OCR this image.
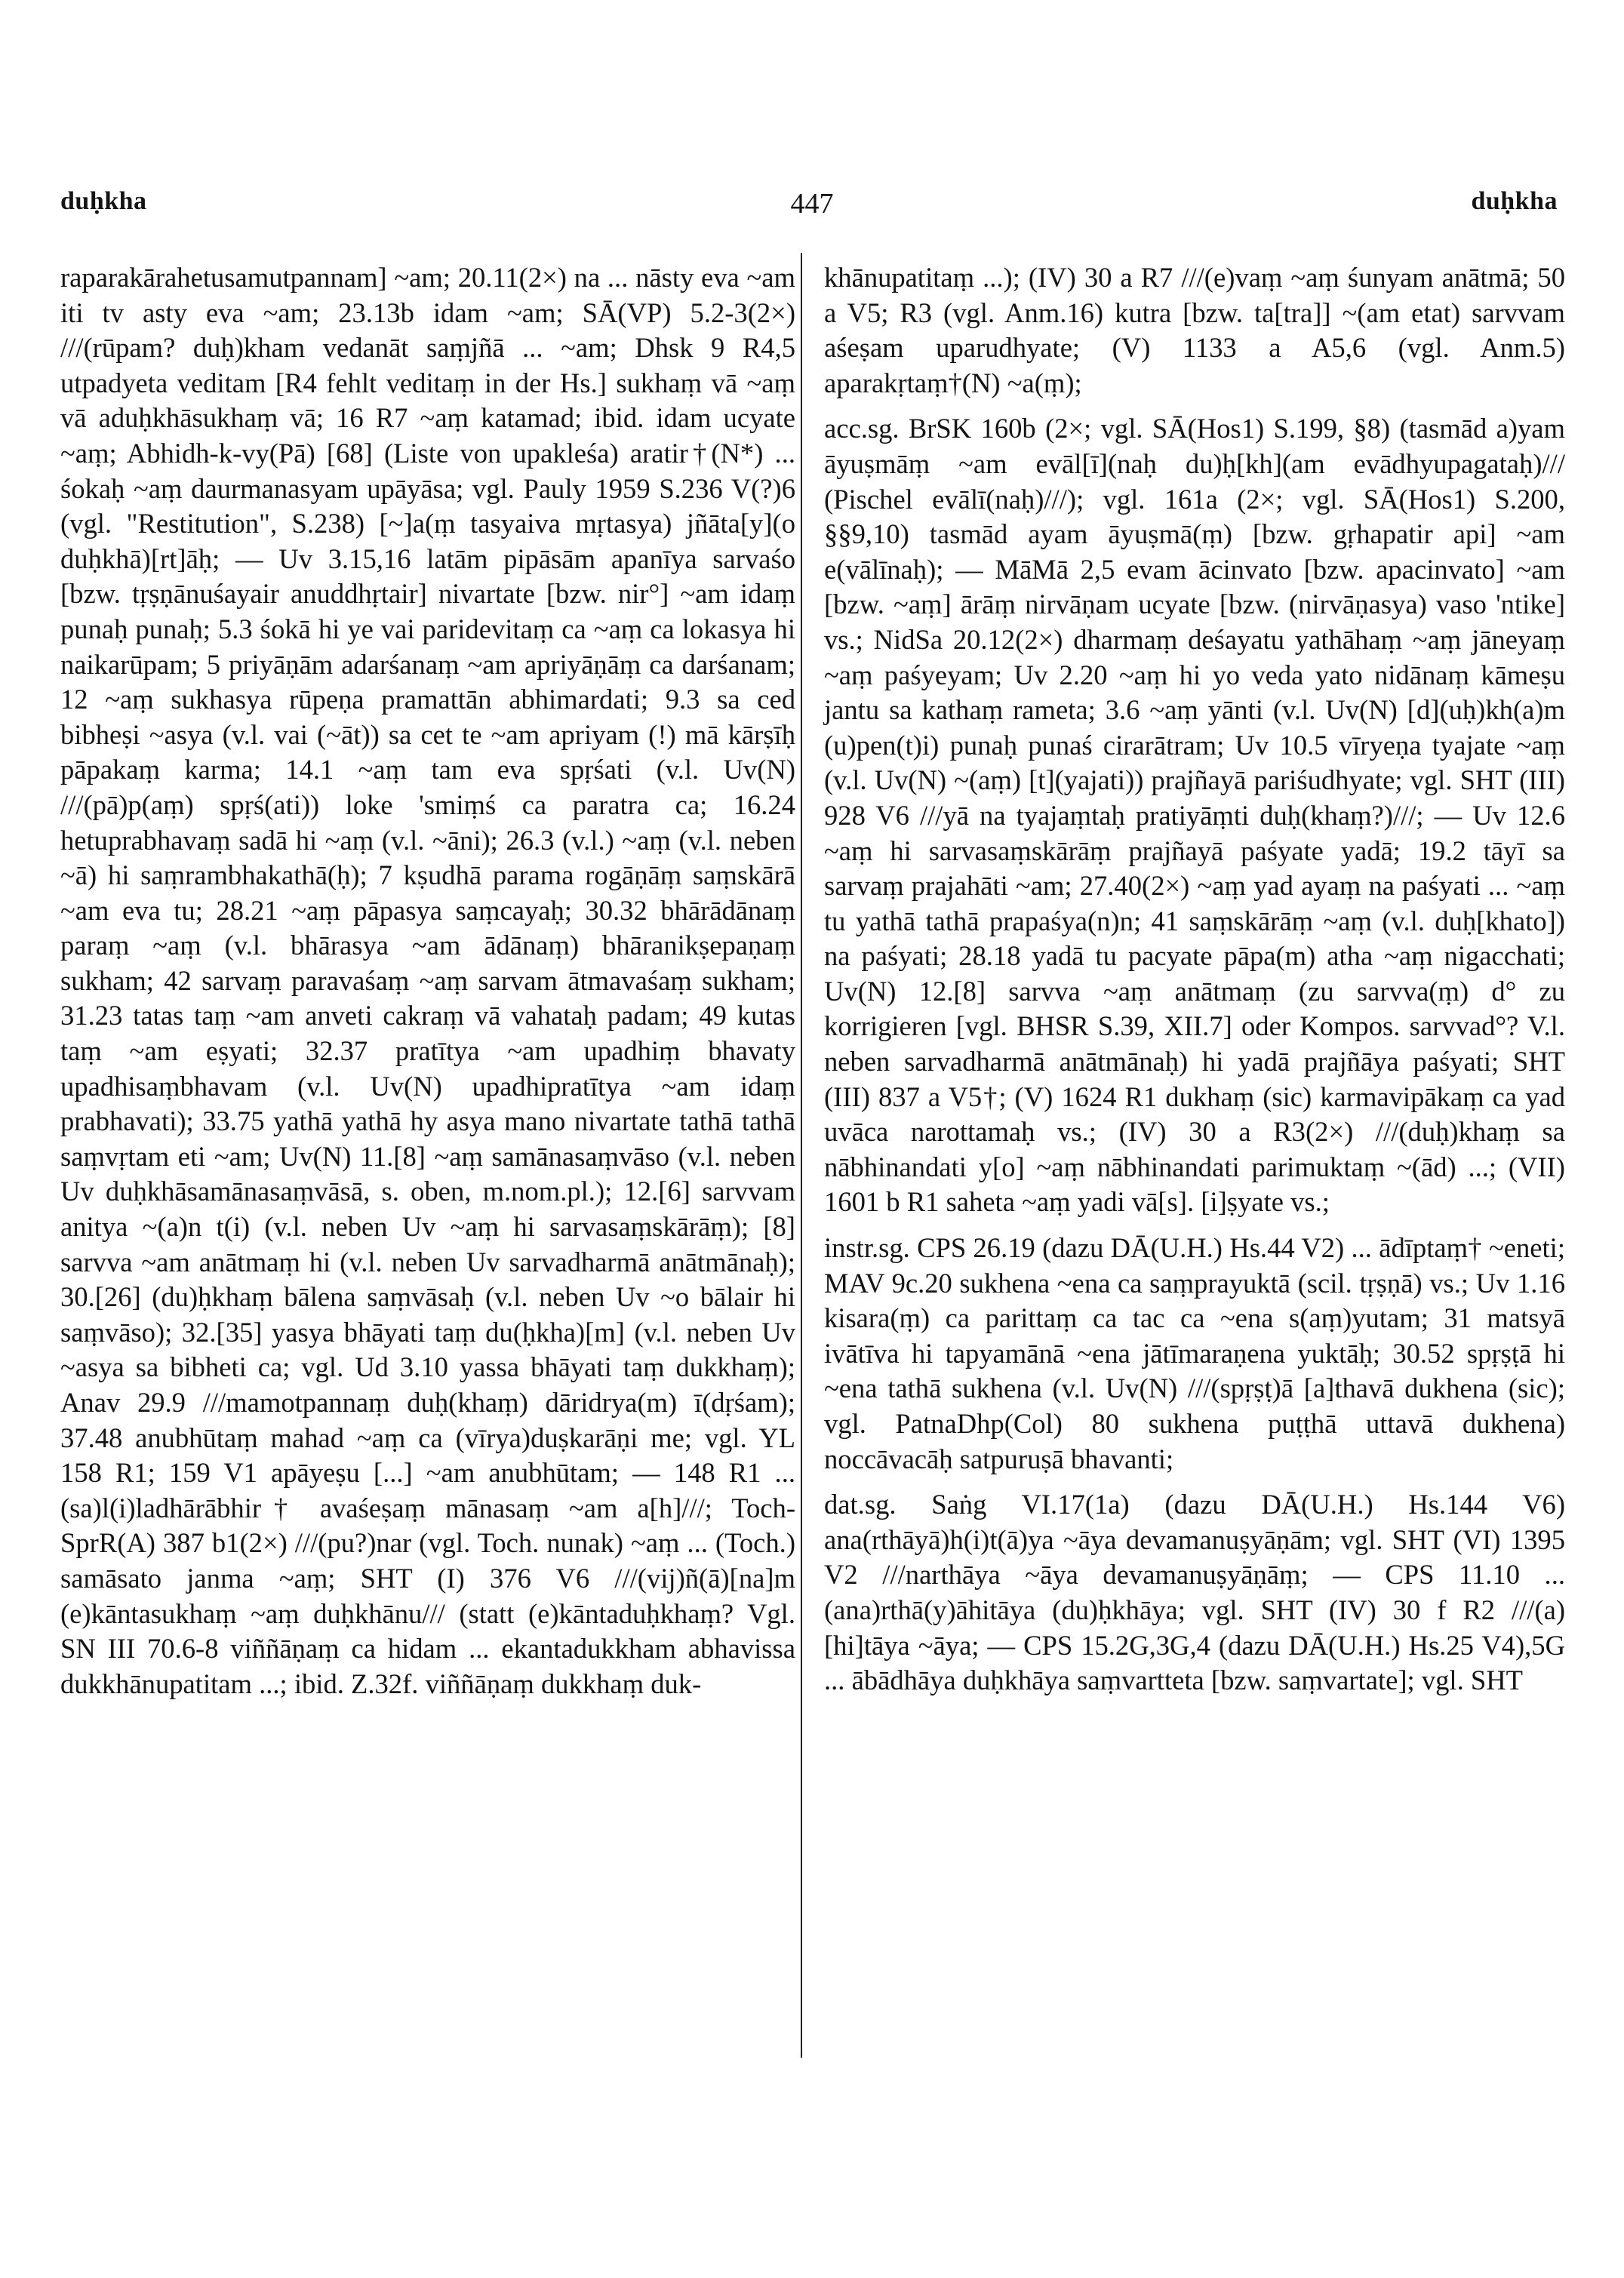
duḥkha	447	duḥkha

raparakārahetusamutpannam] ~am; 20.11(2×) na ... nāsty eva ~am iti tv asty eva ~am; 23.13b idam ~am; SĀ(VP) 5.2-3(2×) ///(rūpam? duḥ)kham vedanāt saṃjñā ... ~am; Dhsk 9 R4,5 utpadyeta veditam [R4 fehlt veditaṃ in der Hs.] sukhaṃ vā ~aṃ vā aduḥkhāsukhaṃ vā; 16 R7 ~aṃ katamad; ibid. idam ucyate ~aṃ; Abhidh-k-vy(Pā) [68] (Liste von upakleśa) aratir†(N*) ... śokaḥ ~aṃ daurmanasyam upāyāsa; vgl. Pauly 1959 S.236 V(?)6 (vgl. "Restitution", S.238) [~]a(ṃ tasyaiva mṛtasya) jñāta[y](o duḥkhā)[rt]āḥ; — Uv 3.15,16 latām pipāsām apanīya sarvaśo [bzw. tṛṣṇānuśayair anuddhṛtair] nivartate [bzw. nir°] ~am idaṃ punaḥ punaḥ; 5.3 śokā hi ye vai paridevitaṃ ca ~aṃ ca lokasya hi naikarūpam; 5 priyāṇām adarśanaṃ ~am apriyāṇāṃ ca darśanam; 12 ~aṃ sukhasya rūpeṇa pramattān abhimardati; 9.3 sa ced bibheṣi ~asya (v.l. vai (~āt)) sa cet te ~am apriyam (!) mā kārṣīḥ pāpakaṃ karma; 14.1 ~aṃ tam eva spṛśati (v.l. Uv(N) ///(pā)p(aṃ) spṛś(ati)) loke 'smiṃś ca paratra ca; 16.24 hetuprabhavaṃ sadā hi ~aṃ (v.l. ~āni); 26.3 (v.l.) ~aṃ (v.l. neben ~ā) hi saṃrambhakathā(ḥ); 7 kṣudhā parama rogāṇāṃ saṃskārā ~am eva tu; 28.21 ~aṃ pāpasya saṃcayaḥ; 30.32 bhārādānaṃ paraṃ ~aṃ (v.l. bhārasya ~am ādānaṃ) bhāranikṣepaṇaṃ sukham; 42 sarvaṃ paravaśaṃ ~aṃ sarvam ātmavaśaṃ sukham; 31.23 tatas taṃ ~am anveti cakraṃ vā vahataḥ padam; 49 kutas taṃ ~am eṣyati; 32.37 pratītya ~am upadhiṃ bhavaty upadhisaṃbhavam (v.l. Uv(N) upadhipratītya ~am idaṃ prabhavati); 33.75 yathā yathā hy asya mano nivartate tathā tathā saṃvṛtam eti ~am; Uv(N) 11.[8] ~aṃ samānasaṃvāso (v.l. neben Uv duḥkhāsamānasaṃvāsā, s. oben, m.nom.pl.); 12.[6] sarvvam anitya ~(a)n t(i) (v.l. neben Uv ~aṃ hi sarvasaṃskārāṃ); [8] sarvva ~am anātmaṃ hi (v.l. neben Uv sarvadharmā anātmānaḥ); 30.[26] (du)ḥkhaṃ bālena saṃvāsaḥ (v.l. neben Uv ~o bālair hi saṃvāso); 32.[35] yasya bhāyati taṃ du(ḥkha)[m] (v.l. neben Uv ~asya sa bibheti ca; vgl. Ud 3.10 yassa bhāyati taṃ dukkhaṃ); Anav 29.9 ///mamotpannaṃ duḥ(khaṃ) dāridrya(m) ī(dṛśam); 37.48 anubhūtaṃ mahad ~aṃ ca (vīrya)duṣkarāṇi me; vgl. YL 158 R1; 159 V1 apāyeṣu [...] ~am anubhūtam; — 148 R1 ... (sa)l(i)ladhārābhir† avaśeṣaṃ mānasaṃ ~am a[h]///; Toch-SprR(A) 387 b1(2×) ///(pu?)nar (vgl. Toch. nunak) ~aṃ ... (Toch.) samāsato janma ~aṃ; SHT (I) 376 V6 ///(vij)ñ(ā)[na]m (e)kāntasukhaṃ ~aṃ duḥkhānu/// (statt (e)kāntaduḥkhaṃ? Vgl. SN III 70.6-8 viññāṇaṃ ca hidam ... ekantadukkham abhavissa dukkhānupatitam ...; ibid. Z.32f. viññāṇaṃ dukkhaṃ duk-

khānupatitaṃ ...); (IV) 30 a R7 ///(e)vaṃ ~aṃ śunyam anātmā; 50 a V5; R3 (vgl. Anm.16) kutra [bzw. ta[tra]] ~(am etat) sarvvam aśeṣam uparudhyate; (V) 1133 a A5,6 (vgl. Anm.5) aparakṛtaṃ†(N) ~a(ṃ);

acc.sg. BrSK 160b (2×; vgl. SĀ(Hos1) S.199, §8) (tasmād a)yam āyuṣmāṃ ~am evāl[ī](naḥ du)ḥ[kh](am evādhyupagataḥ)/// (Pischel evālī(naḥ)///); vgl. 161a (2×; vgl. SĀ(Hos1) S.200, §§9,10) tasmād ayam āyuṣmā(ṃ) [bzw. gṛhapatir api] ~am e(vālīnaḥ); — MāMā 2,5 evam ācinvato [bzw. apacinvato] ~am [bzw. ~aṃ] ārāṃ nirvāṇam ucyate [bzw. (nirvāṇasya) vaso 'ntike] vs.; NidSa 20.12(2×) dharmaṃ deśayatu yathāhaṃ ~aṃ jāneyaṃ ~aṃ paśyeyam; Uv 2.20 ~aṃ hi yo veda yato nidānaṃ kāmeṣu jantu sa kathaṃ rameta; 3.6 ~aṃ yānti (v.l. Uv(N) [d](uḥ)kh(a)m (u)pen(t)i) punaḥ punaś cirarātram; Uv 10.5 vīryeṇa tyajate ~aṃ (v.l. Uv(N) ~(aṃ) [t](yajati)) prajñayā pariśudhyate; vgl. SHT (III) 928 V6 ///yā na tyajaṃtaḥ pratiyāṃti duḥ(khaṃ?)///; — Uv 12.6 ~aṃ hi sarvasaṃskārāṃ prajñayā paśyate yadā; 19.2 tāyī sa sarvaṃ prajahāti ~am; 27.40(2×) ~aṃ yad ayaṃ na paśyati ... ~aṃ tu yathā tathā prapaśya(n)n; 41 saṃskārāṃ ~aṃ (v.l. duḥ[khato]) na paśyati; 28.18 yadā tu pacyate pāpa(m) atha ~aṃ nigacchati; Uv(N) 12.[8] sarvva ~aṃ anātmaṃ (zu sarvva(ṃ) d° zu korrigieren [vgl. BHSR S.39, XII.7] oder Kompos. sarvvad°? V.l. neben sarvadharmā anātmānaḥ) hi yadā prajñāya paśyati; SHT (III) 837 a V5†; (V) 1624 R1 dukhaṃ (sic) karmavipākaṃ ca yad uvāca narottamaḥ vs.; (IV) 30 a R3(2×) ///(duḥ)khaṃ sa nābhinandati y[o] ~aṃ nābhinandati parimuktaṃ ~(ād) ...; (VII) 1601 b R1 saheta ~aṃ yadi vā[s]. [i]ṣyate vs.;

instr.sg. CPS 26.19 (dazu DĀ(U.H.) Hs.44 V2) ... ādīptaṃ† ~eneti; MAV 9c.20 sukhena ~ena ca saṃprayuktā (scil. tṛṣṇā) vs.; Uv 1.16 kisara(ṃ) ca parittaṃ ca tac ca ~ena s(aṃ)yutam; 31 matsyā ivātīva hi tapyamānā ~ena jātīmaraṇena yuktāḥ; 30.52 spṛṣṭā hi ~ena tathā sukhena (v.l. Uv(N) ///(spṛṣṭ)ā [a]thavā dukhena (sic); vgl. PatnaDhp(Col) 80 sukhena puṭṭhā uttavā dukhena) noccāvacāḥ satpuruṣā bhavanti;

dat.sg. Saṅg VI.17(1a) (dazu DĀ(U.H.) Hs.144 V6) ana(rthāyā)h(i)t(ā)ya ~āya devamanuṣyāṇām; vgl. SHT (VI) 1395 V2 ///narthāya ~āya devamanuṣyāṇāṃ; — CPS 11.10 ... (ana)rthā(y)āhitāya (du)ḥkhāya; vgl. SHT (IV) 30 f R2 ///(a)[hi]tāya ~āya; — CPS 15.2G,3G,4 (dazu DĀ(U.H.) Hs.25 V4),5G ... ābādhāya duḥkhāya saṃvartteta [bzw. saṃvartate]; vgl. SHT
